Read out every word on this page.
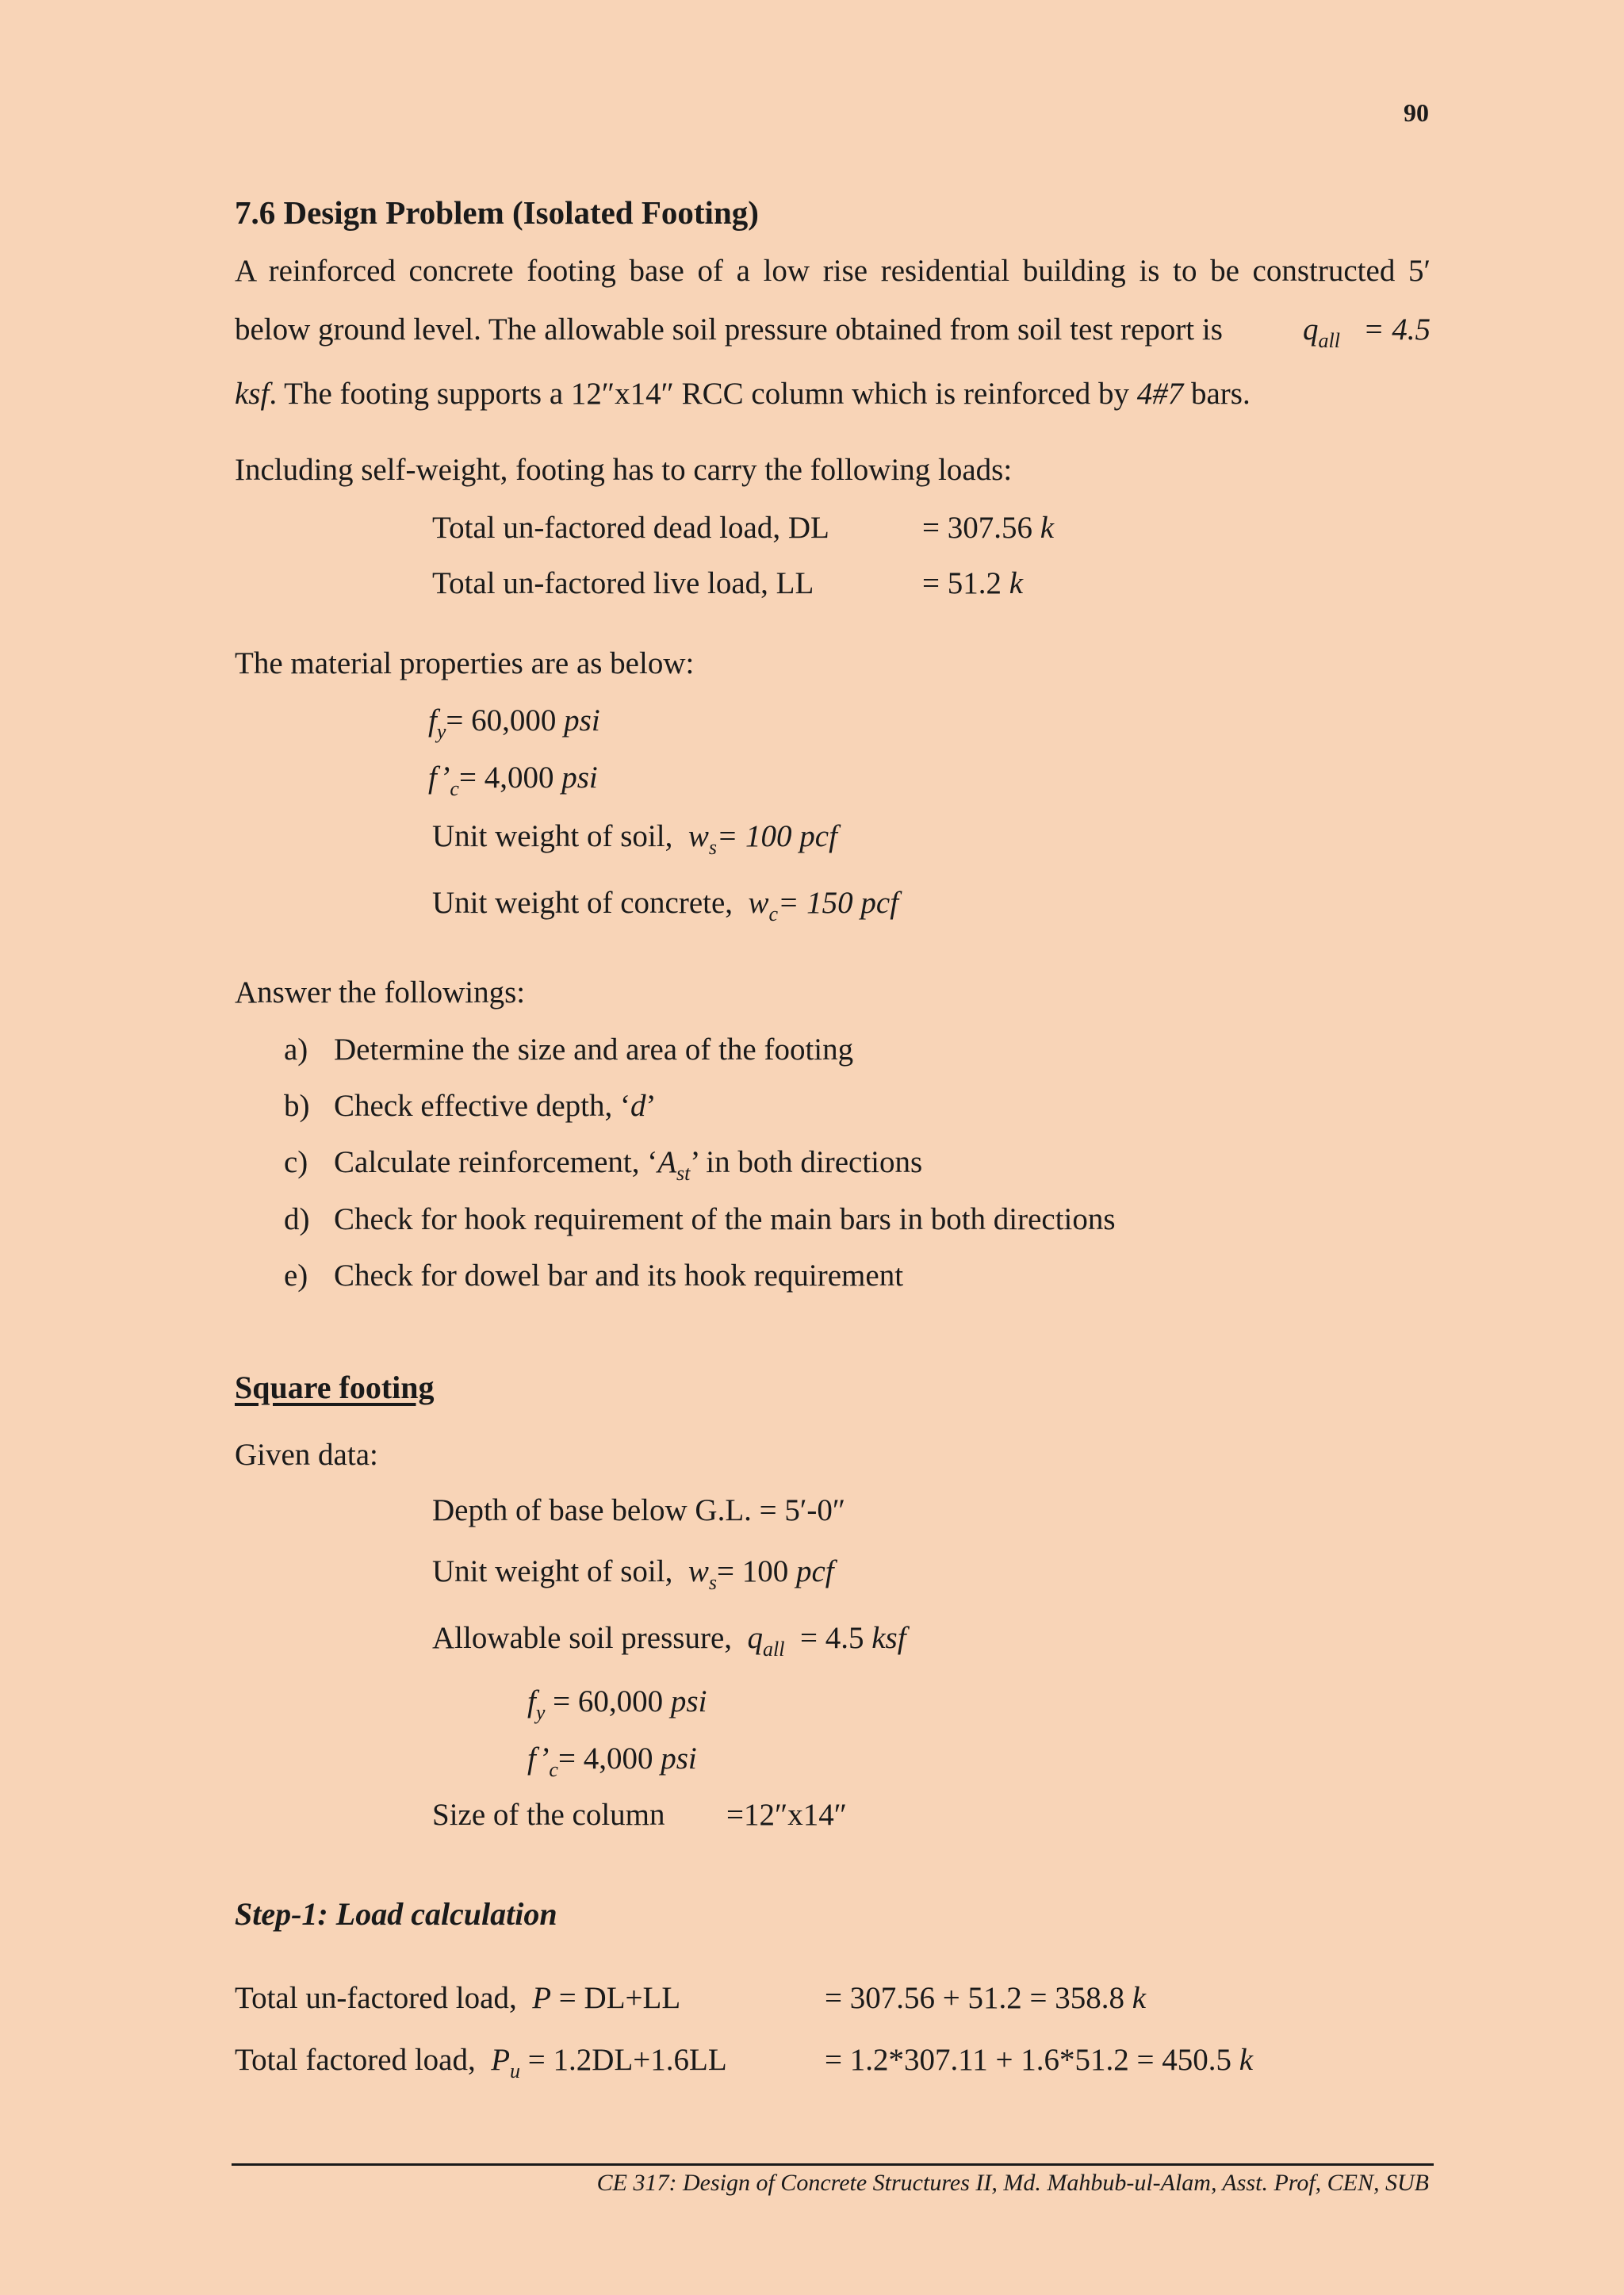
90
7.6 Design Problem (Isolated Footing)
A reinforced concrete footing base of a low rise residential building is to be constructed 5′
below ground level. The allowable soil pressure obtained from soil test report is	$q_{all} = 4.5$
ksf. The footing supports a 12″x14″ RCC column which is reinforced by 4#7 bars.
Including self-weight, footing has to carry the following loads:
Total un-factored dead load, DL	= 307.56 k
Total un-factored live load, LL	= 51.2 k
The material properties are as below:
$f_y= 60,000$ psi
$f’_c= 4,000$ psi
Unit weight of soil, $w_s= 100$ pcf
Unit weight of concrete, $w_c= 150$ pcf
Answer the followings:
a) Determine the size and area of the footing
b) Check effective depth, ‘d’
c) Calculate reinforcement, ‘$A_{st}$’ in both directions
d) Check for hook requirement of the main bars in both directions
e) Check for dowel bar and its hook requirement
Square footing
Given data:
Depth of base below G.L. = 5′-0″
Unit weight of soil, $w_s= 100$ pcf
Allowable soil pressure, $q_{all} = 4.5$ ksf
$f_y = 60,000$ psi
$f’_c= 4,000$ psi
Size of the column =12″x14″
Step-1: Load calculation
Total un-factored load, P = DL+LL	= 307.56 + 51.2 = 358.8 k
Total factored load, $P_u = 1.2DL+1.6LL$	= 1.2*307.11 + 1.6*51.2 = 450.5 k
CE 317: Design of Concrete Structures II, Md. Mahbub-ul-Alam, Asst. Prof, CEN, SUB
